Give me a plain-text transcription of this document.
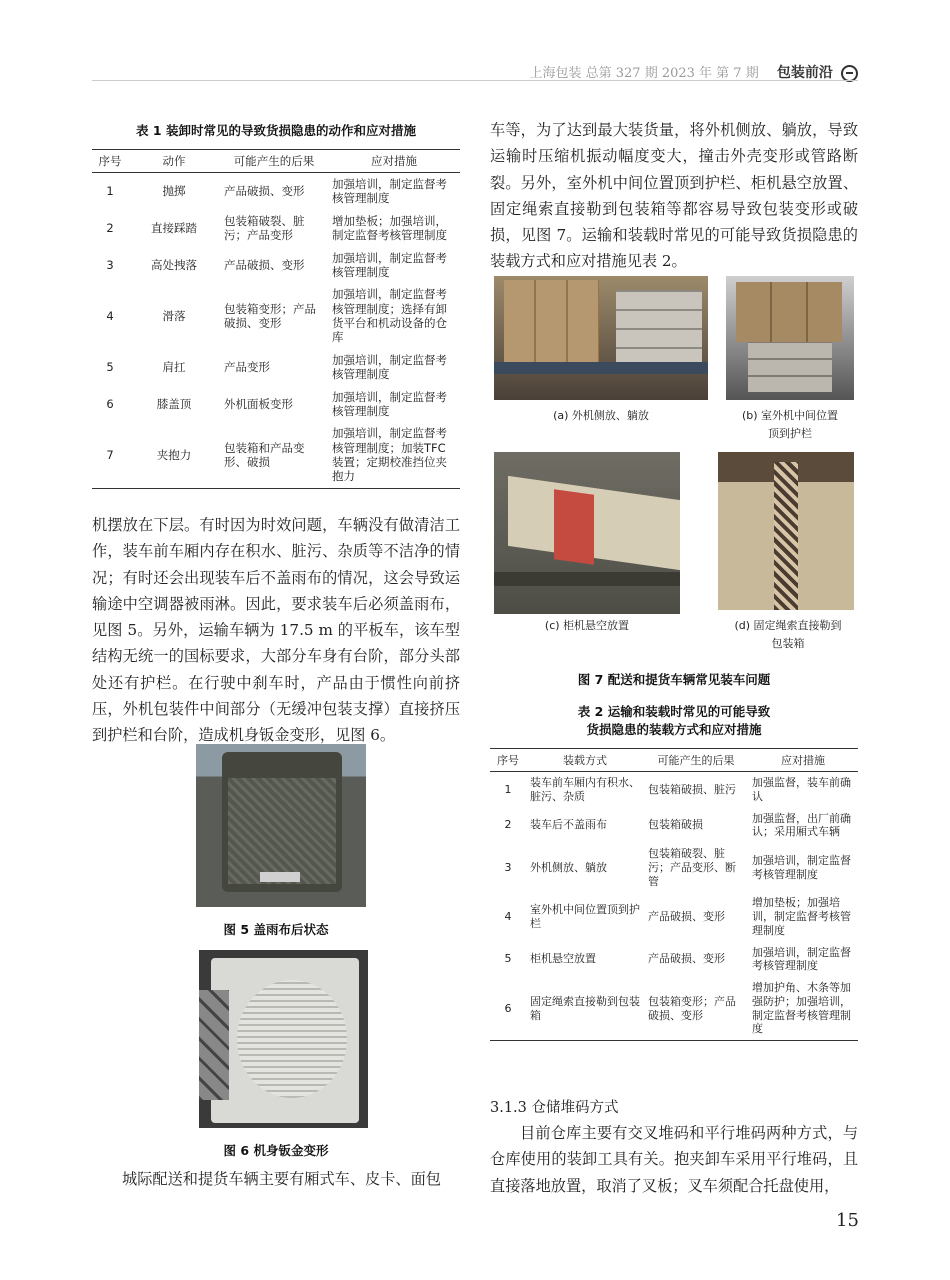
上海包装 总第 327 期 2023 年 第 7 期 包装前沿
表 1 装卸时常见的导致货损隐患的动作和应对措施
序号	动作	可能产生的后果	应对措施
1	抛掷	产品破损、变形	加强培训，制定监督考核管理制度
2	直接踩踏	包装箱破裂、脏污；产品变形	增加垫板；加强培训，制定监督考核管理制度
3	高处拽落	产品破损、变形	加强培训，制定监督考核管理制度
4	滑落	包装箱变形；产品破损、变形	加强培训，制定监督考核管理制度；选择有卸货平台和机动设备的仓库
5	肩扛	产品变形	加强培训，制定监督考核管理制度
6	膝盖顶	外机面板变形	加强培训，制定监督考核管理制度
7	夹抱力	包装箱和产品变形、破损	加强培训，制定监督考核管理制度；加装TFC 装置；定期校准挡位夹抱力

机摆放在下层。有时因为时效问题，车辆没有做清洁工作，装车前车厢内存在积水、脏污、杂质等不洁净的情况；有时还会出现装车后不盖雨布的情况，这会导致运输途中空调器被雨淋。因此，要求装车后必须盖雨布，见图 5。另外，运输车辆为 17.5 m 的平板车，该车型结构无统一的国标要求，大部分车身有台阶，部分头部处还有护栏。在行驶中刹车时，产品由于惯性向前挤压，外机包装件中间部分（无缓冲包装支撑）直接挤压到护栏和台阶，造成机身钣金变形，见图 6。

图 5 盖雨布后状态
图 6 机身钣金变形

城际配送和提货车辆主要有厢式车、皮卡、面包

车等，为了达到最大装货量，将外机侧放、躺放，导致运输时压缩机振动幅度变大，撞击外壳变形或管路断裂。另外，室外机中间位置顶到护栏、柜机悬空放置、固定绳索直接勒到包装箱等都容易导致包装变形或破损，见图 7。运输和装载时常见的可能导致货损隐患的装载方式和应对措施见表 2。

(a) 外机侧放、躺放	(b) 室外机中间位置
顶到护栏
(c) 柜机悬空放置	(d) 固定绳索直接勒到
包装箱
图 7 配送和提货车辆常见装车问题
表 2 运输和装载时常见的可能导致
货损隐患的装载方式和应对措施
序号	装载方式	可能产生的后果	应对措施
1	装车前车厢内有积水、脏污、杂质	包装箱破损、脏污	加强监督，装车前确认
2	装车后不盖雨布	包装箱破损	加强监督，出厂前确认；采用厢式车辆
3	外机侧放、躺放	包装箱破裂、脏污；产品变形、断管	加强培训，制定监督考核管理制度
4	室外机中间位置顶到护栏	产品破损、变形	增加垫板；加强培训，制定监督考核管理制度
5	柜机悬空放置	产品破损、变形	加强培训，制定监督考核管理制度
6	固定绳索直接勒到包装箱	包装箱变形；产品破损、变形	增加护角、木条等加强防护；加强培训，制定监督考核管理制度
3.1.3 仓储堆码方式

目前仓库主要有交叉堆码和平行堆码两种方式，与仓库使用的装卸工具有关。抱夹卸车采用平行堆码，且直接落地放置，取消了叉板；叉车须配合托盘使用，

15
